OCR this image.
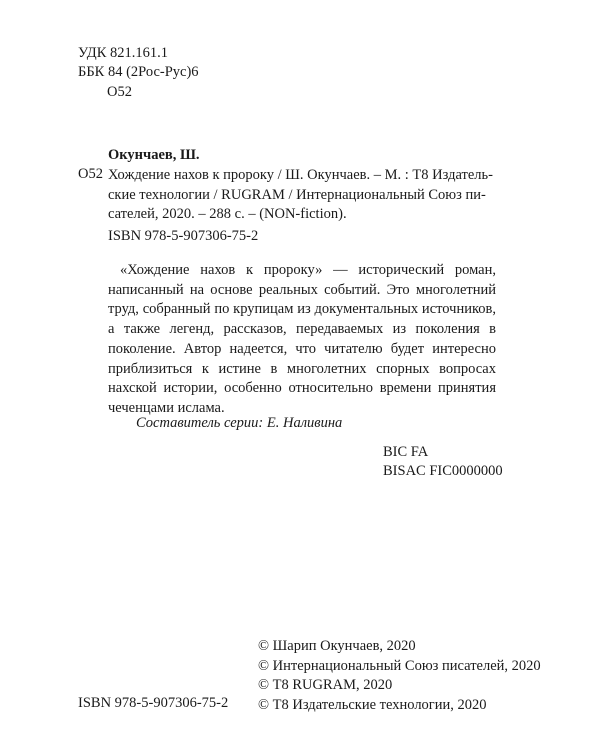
УДК 821.161.1
ББК 84 (2Рос-Рус)6
О52
Окунчаев, Ш.
О52 Хождение нахов к пророку / Ш. Окунчаев. – М. : Т8 Издатель-
ские технологии / RUGRAM / Интернациональный Союз пи-
сателей, 2020. – 288 с. – (NON-fiction).
ISBN 978-5-907306-75-2
«Хождение нахов к пророку» — исторический роман,
написанный на основе реальных событий. Это многолетний
труд, собранный по крупицам из документальных источников,
а также легенд, рассказов, передаваемых из поколения в
поколение. Автор надеется, что читателю будет интересно
приблизиться к истине в многолетних спорных вопросах
нахской истории, особенно относительно времени принятия
чеченцами ислама.
Составитель серии: Е. Наливина
BIC FA
BISAC FIC0000000
© Шарип Окунчаев, 2020
© Интернациональный Союз писателей, 2020
© Т8 RUGRAM, 2020
© Т8 Издательские технологии, 2020
ISBN 978-5-907306-75-2
